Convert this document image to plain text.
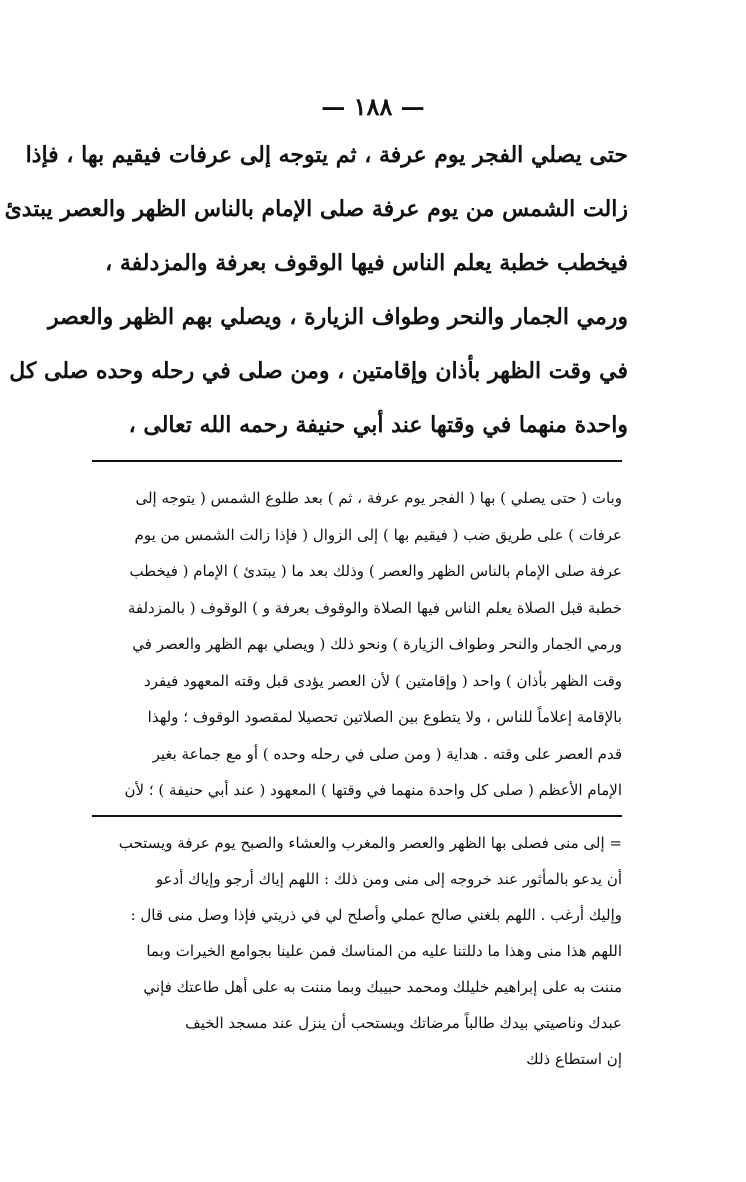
— ١٨٨ —
حتى يصلي الفجر يوم عرفة ، ثم يتوجه إلى عرفات فيقيم بها ، فإذا
زالت الشمس من يوم عرفة صلى الإمام بالناس الظهر والعصر يبتدئ
فيخطب خطبة يعلم الناس فيها الوقوف بعرفة والمزدلفة ،
ورمي الجمار والنحر وطواف الزيارة ، ويصلي بهم الظهر والعصر
في وقت الظهر بأذان وإقامتين ، ومن صلى في رحله وحده صلى كل
واحدة منهما في وقتها عند أبي حنيفة رحمه الله تعالى ،
وبات ( حتى يصلي ) بها ( الفجر يوم عرفة ، ثم ) بعد طلوع الشمس ( يتوجه إلى
عرفات ) على طريق ضب ( فيقيم بها ) إلى الزوال ( فإذا زالت الشمس من يوم
عرفة صلى الإمام بالناس الظهر والعصر ) وذلك بعد ما ( يبتدئ ) الإمام ( فيخطب
خطبة قبل الصلاة يعلم الناس فيها الصلاة والوقوف بعرفة و ) الوقوف ( بالمزدلفة
ورمي الجمار والنحر وطواف الزيارة ) ونحو ذلك ( ويصلي بهم الظهر والعصر في
وقت الظهر بأذان ) واحد ( وإقامتين ) لأن العصر يؤدى قبل وقته المعهود فيفرد
بالإقامة إعلاماً للناس ، ولا يتطوع بين الصلاتين تحصيلا لمقصود الوقوف ؛ ولهذا
قدم العصر على وقته . هداية ( ومن صلى في رحله وحده ) أو مع جماعة بغير
الإمام الأعظم ( صلى كل واحدة منهما في وقتها ) المعهود ( عند أبي حنيفة ) ؛ لأن
= إلى منى فصلى بها الظهر والعصر والمغرب والعشاء والصبح يوم عرفة ويستحب
أن يدعو بالمأثور عند خروجه إلى منى ومن ذلك : اللهم إياك أرجو وإياك أدعو
وإليك أرغب . اللهم بلغني صالح عملي وأصلح لي في ذريتي فإذا وصل منى قال :
اللهم هذا منى وهذا ما دللتنا عليه من المناسك فمن علينا بجوامع الخيرات وبما
مننت به على إبراهيم خليلك ومحمد حبيبك وبما مننت به على أهل طاعتك فإني
عبدك وناصيتي بيدك طالباً مرضاتك ويستحب أن ينزل عند مسجد الخيف
إن استطاع ذلك
